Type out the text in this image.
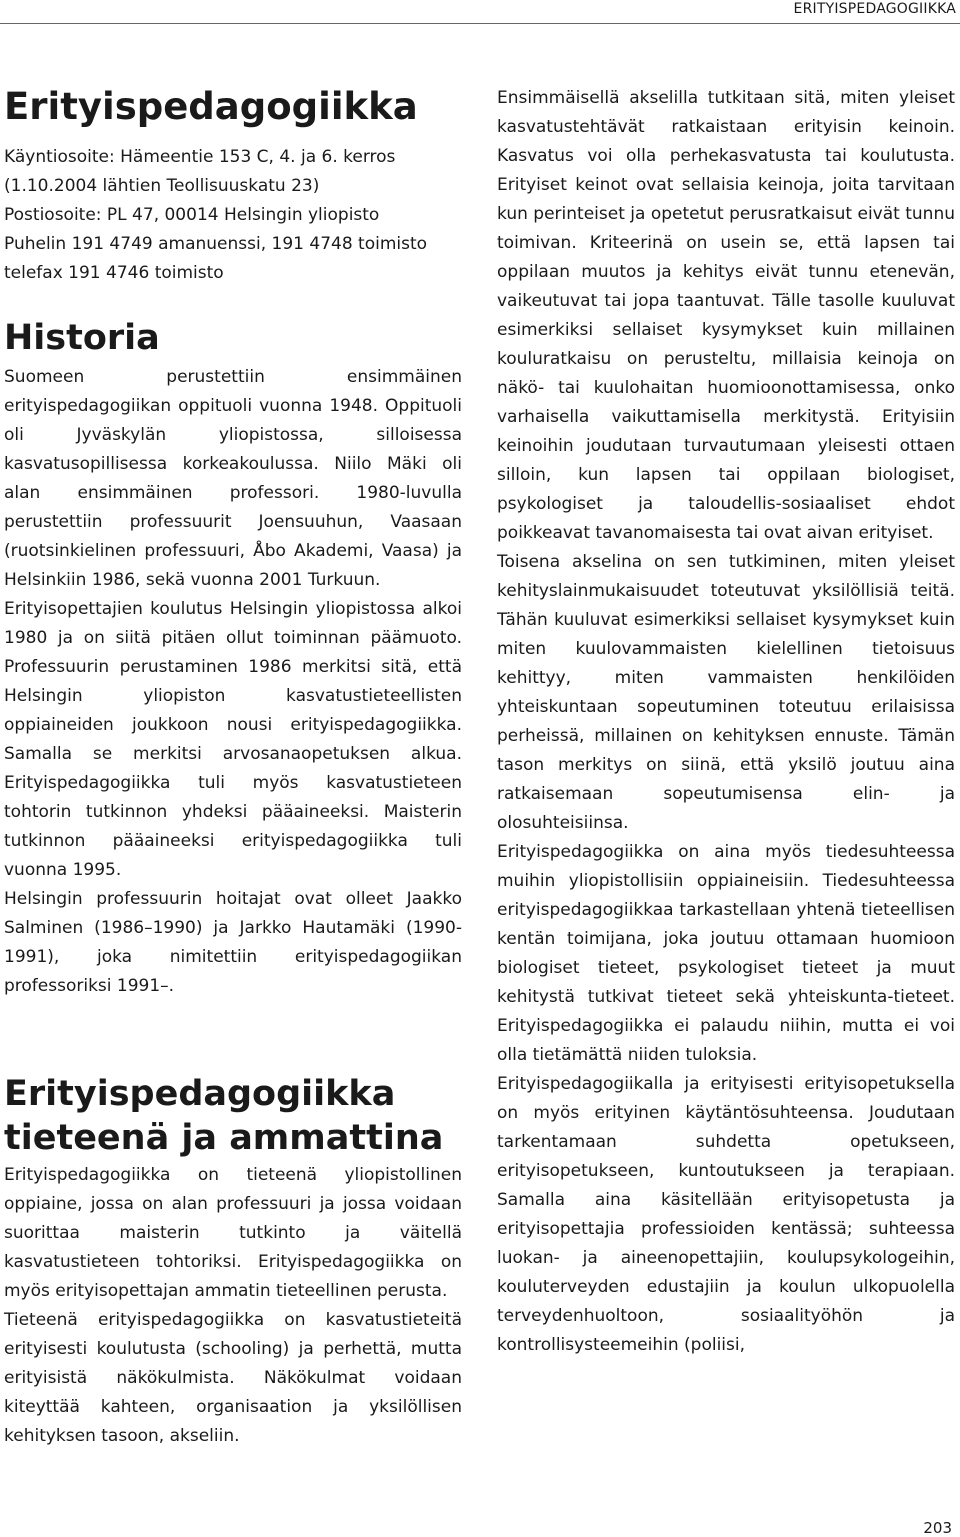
ERITYISPEDAGOGIIKKA
Erityispedagogiikka

Käyntiosoite: Hämeentie 153 C, 4. ja 6. kerros (1.10.2004 lähtien Teollisuuskatu 23)

Postiosoite: PL 47, 00014 Helsingin yliopisto

Puhelin 191 4749 amanuenssi, 191 4748 toimisto

telefax 191 4746 toimisto

Historia

Suomeen perustettiin ensimmäinen erityispedagogiikan oppituoli vuonna 1948. Oppituoli oli Jyväskylän yliopistossa, silloisessa kasvatusopillisessa korkeakoulussa. Niilo Mäki oli alan ensimmäinen professori. 1980-luvulla perustettiin professuurit Joensuuhun, Vaasaan (ruotsinkielinen professuuri, Åbo Akademi, Vaasa) ja Helsinkiin 1986, sekä vuonna 2001 Turkuun.

Erityisopettajien koulutus Helsingin yliopistossa alkoi 1980 ja on siitä pitäen ollut toiminnan päämuoto. Professuurin perustaminen 1986 merkitsi sitä, että Helsingin yliopiston kasvatustieteellisten oppiaineiden joukkoon nousi erityispedagogiikka. Samalla se merkitsi arvosanaopetuksen alkua. Erityispedagogiikka tuli myös kasvatustieteen tohtorin tutkinnon yhdeksi pääaineeksi. Maisterin tutkinnon pääaineeksi erityispedagogiikka tuli vuonna 1995.

Helsingin professuurin hoitajat ovat olleet Jaakko Salminen (1986–1990) ja Jarkko Hautamäki (1990-1991), joka nimitettiin erityispedagogiikan professoriksi 1991–.

Erityispedagogiikka
tieteenä ja ammattina

Erityispedagogiikka on tieteenä yliopistollinen oppiaine, jossa on alan professuuri ja jossa voidaan suorittaa maisterin tutkinto ja väitellä kasvatustieteen tohtoriksi. Erityispedagogiikka on myös erityisopettajan ammatin tieteellinen perusta.

Tieteenä erityispedagogiikka on kasvatustieteitä erityisesti koulutusta (schooling) ja perhettä, mutta erityisistä näkökulmista. Näkökulmat voidaan kiteyttää kahteen, organisaation ja yksilöllisen kehityksen tasoon, akseliin.

Ensimmäisellä akselilla tutkitaan sitä, miten yleiset kasvatustehtävät ratkaistaan erityisin keinoin. Kasvatus voi olla perhekasvatusta tai koulutusta. Erityiset keinot ovat sellaisia keinoja, joita tarvitaan kun perinteiset ja opetetut perusratkaisut eivät tunnu toimivan. Kriteerinä on usein se, että lapsen tai oppilaan muutos ja kehitys eivät tunnu etenevän, vaikeutuvat tai jopa taantuvat. Tälle tasolle kuuluvat esimerkiksi sellaiset kysymykset kuin millainen kouluratkaisu on perusteltu, millaisia keinoja on näkö- tai kuulohaitan huomioonottamisessa, onko varhaisella vaikuttamisella merkitystä. Erityisiin keinoihin joudutaan turvautumaan yleisesti ottaen silloin, kun lapsen tai oppilaan biologiset, psykologiset ja taloudellis-sosiaaliset ehdot poikkeavat tavanomaisesta tai ovat aivan erityiset.

Toisena akselina on sen tutkiminen, miten yleiset kehityslainmukaisuudet toteutuvat yksilöllisiä teitä. Tähän kuuluvat esimerkiksi sellaiset kysymykset kuin miten kuulovammaisten kielellinen tietoisuus kehittyy, miten vammaisten henkilöiden yhteiskuntaan sopeutuminen toteutuu erilaisissa perheissä, millainen on kehityksen ennuste. Tämän tason merkitys on siinä, että yksilö joutuu aina ratkaisemaan sopeutumisensa elin- ja olosuhteisiinsa.

Erityispedagogiikka on aina myös tiedesuhteessa muihin yliopistollisiin oppiaineisiin. Tiedesuhteessa erityispedagogiikkaa tarkastellaan yhtenä tieteellisen kentän toimijana, joka joutuu ottamaan huomioon biologiset tieteet, psykologiset tieteet ja muut kehitystä tutkivat tieteet sekä yhteiskunta-tieteet. Erityispedagogiikka ei palaudu niihin, mutta ei voi olla tietämättä niiden tuloksia.

Erityispedagogiikalla ja erityisesti erityisopetuksella on myös erityinen käytäntösuhteensa. Joudutaan tarkentamaan suhdetta opetukseen, erityisopetukseen, kuntoutukseen ja terapiaan. Samalla aina käsitellään erityisopetusta ja erityisopettajia professioiden kentässä; suhteessa luokan- ja aineenopettajiin, koulupsykologeihin, kouluterveyden edustajiin ja koulun ulkopuolella terveydenhuoltoon, sosiaalityöhön ja kontrollisysteemeihin (poliisi,

203
